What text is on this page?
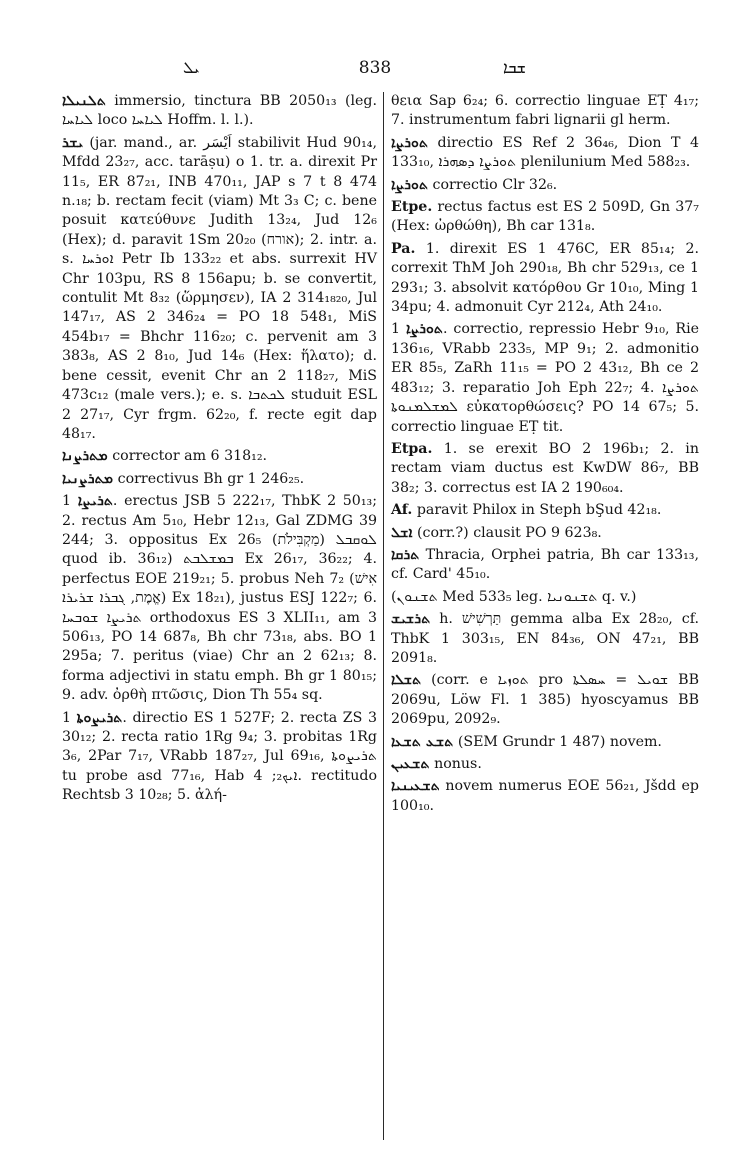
ܝܠ	838	ܫܒܐ

ܬܠܢܝܠܐ immersio, tinctura BB 2050₁₃ (leg. ܠܝܐܚܐ loco ܠܝܐܚܐ Hoffm. l. l.).

ܝܫܪ (jar. mand., ar. اَيْسَر stabilivit Hud 90₁₄, Mfdd 23₂₇, acc. tarāṣu) o 1. tr. a. direxit Pr 11₅, ER 87₂₁, INB 470₁₁, JAP s 7 t 8 474 n.₁₈; b. rectam fecit (viam) Mt 3₃ C; c. bene posuit κατεύθυνε Judith 13₂₄, Jud 12₆ (Hex); d. paravit 1Sm 20₂₀ (אורח); 2. intr. a. s. ܐܘܪܚܐ Petr Ib 133₂₂ et abs. surrexit HV Chr 103pu, RS 8 156apu; b. se convertit, contulit Mt 8₃₂ (ὥρμησεν), IA 2 314₁₈₂₀, Jul 147₁₇, AS 2 346₂₄ = PO 18 548₁, MiS 454b₁₇ = Bhchr 116₂₀; c. pervenit am 3 383₈, AS 2 8₁₀, Jud 14₆ (Hex: ἥλατο); d. bene cessit, evenit Chr an 2 118₂₇, MiS 473c₁₂ (male vers.); e. s. ܠܟܬܒܐ studuit ESL 2 27₁₇, Cyr frgm. 62₂₀, f. recte egit dap 48₁₇.

ܡܬܪܨܢܐ corrector am 6 318₁₂.

ܡܬܪܨܢܝܐ correctivus Bh gr 1 246₂₅.

ܬܪܝܨܐ 1. erectus JSB 5 222₁₇, ThbK 2 50₁₃; 2. rectus Am 5₁₀, Hebr 12₁₃, Gal ZDMG 39 244; 3. oppositus Ex 26₅ (מַקְבִּילֹת) ܠܘܩܒܠ quod ib. 36₁₂) ܒܡܫܠܒܬ Ex 26₁₇, 36₂₂; 4. perfectus EOE 219₂₁; 5. probus Neh 7₂ (אִישׁ אֱמֶת, ܓܒܪܐ ܫܪܝܪܐ) Ex 18₂₁), justus ESJ 122₇; 6. ܬܪܝܨܐ ܫܘܒܚܐ orthodoxus ES 3 XLII₁₁, am 3 506₁₃, PO 14 687₈, Bh chr 73₁₈, abs. BO 1 295a; 7. peritus (viae) Chr an 2 62₁₃; 8. forma adjectivi in statu emph. Bh gr 1 80₁₅; 9. adv. ὀρθὴ πτῶσις, Dion Th 55₄ sq.

ܬܪܝܨܘܬܐ 1. directio ES 1 527F; 2. recta ZS 3 30₁₂; 2. recta ratio 1Rg 9₄; 3. probitas 1Rg 3₆, 2Par 7₁₇, VRabb 187₂₇, Jul 69₁₆, ܬܪܝܨܘܬܐ tu probe asd 77₁₆, Hab ܐܝܟ₂; 4. rectitudo Rechtsb 3 10₂₈; 5. ἀλή-

θεια Sap 6₂₄; 6. correctio linguae EṬ 4₁₇; 7. instrumentum fabri lignarii gl herm.

ܬܘܪܨܐ directio ES Ref 2 36₄₆, Dion T 4 133₁₀, ܬܘܪܨܐ ܕܣܗܪܐ plenilunium Med 588₂₃.

ܬܘܪܨܐ correctio Clr 32₆.

Etpe. rectus factus est ES 2 509D, Gn 37₇ (Hex: ὠρθώθη), Bh car 131₈.

Pa. 1. direxit ES 1 476C, ER 85₁₄; 2. correxit ThM Joh 290₁₈, Bh chr 529₁₃, ce 1 293₁; 3. absolvit κατόρθου Gr 10₁₀, Ming 1 34pu; 4. admonuit Cyr 212₄, Ath 24₁₀.

ܬܘܪܨܐ 1. correctio, repressio Hebr 9₁₀, Rie 136₁₆, VRabb 233₅, MP 9₁; 2. admonitio ER 85₅, ZaRh 11₁₅ = PO 2 43₁₂, Bh ce 2 483₁₂; 3. reparatio Joh Eph 22₇; 4. ܬܘܪܨܐ ܠܡܫܠܡܢܘܬܐ εὐκατορθώσεις? PO 14 67₅; 5. correctio linguae EṬ tit.

Etpa. 1. se erexit BO 2 196b₁; 2. in rectam viam ductus est KwDW 86₇, BB 38₂; 3. correctus est IA 2 190₆₀₄.

Af. paravit Philox in Steph bŞud 42₁₈.

ܐܫܠ (corr.?) clausit PO 9 623₈.

ܬܪܩܐ Thracia, Orphei patria, Bh car 133₁₃, cf. Card' 45₁₀.

(ܬܫܢܘܢ Med 533₅ leg. ܬܫܢܘܢܝܐ q. v.)

ܬܪܫܝܫ h. תַּרְשִׁישׁ gemma alba Ex 28₂₀, cf. ThbK 1 303₁₅, EN 84₃₆, ON 47₂₁, BB 2091₈.

ܬܫܠܐ (corr. e ܬܘܙܝܐ pro ܫܘܝܠ = ܚܣܠܬܐ BB 2069u, Löw Fl. 1 385) hyoscyamus BB 2069pu, 2092₉.

ܬܫܥ ܬܫܥܐ (SEM Grundr 1 487) novem.

ܬܫܥܝܢ nonus.

ܬܫܥܝܢܝܐ novem numerus EOE 56₂₁, Jšdd ep 100₁₀.
